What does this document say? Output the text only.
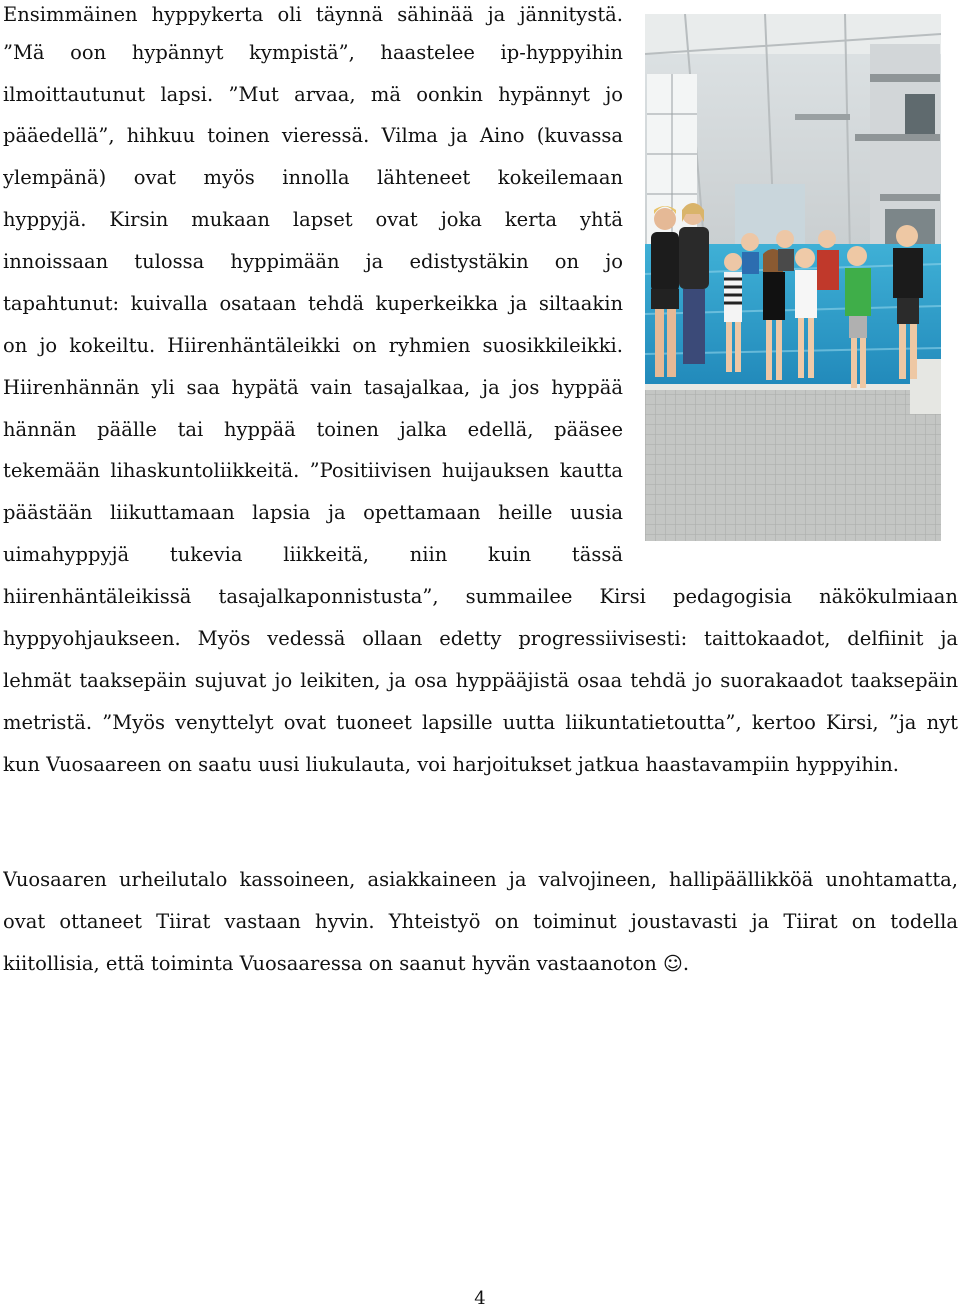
Ensimmäinen hyppykerta oli täynnä sähinää ja jännitystä.
”Mä oon hypännyt kympistä”, haastelee ip-hyppyihin
ilmoittautunut lapsi. ”Mut arvaa, mä oonkin hypännyt jo
pääedellä”, hihkuu toinen vieressä. Vilma ja Aino (kuvassa
ylempänä) ovat myös innolla lähteneet kokeilemaan
hyppyjä. Kirsin mukaan lapset ovat joka kerta yhtä
innoissaan tulossa hyppimään ja edistystäkin on jo
tapahtunut: kuivalla osataan tehdä kuperkeikka ja siltaakin
on jo kokeiltu. Hiirenhäntäleikki on ryhmien suosikkileikki.
Hiirenhännän yli saa hypätä vain tasajalkaa, ja jos hyppää
hännän päälle tai hyppää toinen jalka edellä, pääsee
tekemään lihaskuntoliikkeitä. ”Positiivisen huijauksen kautta
päästään liikuttamaan lapsia ja opettamaan heille uusia
uimahyppyjä tukevia liikkeitä, niin kuin tässä
hiirenhäntäleikissä tasajalkaponnistusta”, summailee Kirsi pedagogisia näkökulmiaan
hyppyohjaukseen. Myös vedessä ollaan edetty progressiivisesti: taittokaadot, delfiinit ja
lehmät taaksepäin sujuvat jo leikiten, ja osa hyppääjistä osaa tehdä jo suorakaadot taaksepäin
metristä. ”Myös venyttelyt ovat tuoneet lapsille uutta liikuntatietoutta”, kertoo Kirsi, ”ja nyt
kun Vuosaareen on saatu uusi liukulauta, voi harjoitukset jatkua haastavampiin hyppyihin.
Vuosaaren urheilutalo kassoineen, asiakkaineen ja valvojineen, hallipäällikköä unohtamatta,
ovat ottaneet Tiirat vastaan hyvin. Yhteistyö on toiminut joustavasti ja Tiirat on todella
kiitollisia, että toiminta Vuosaaressa on saanut hyvän vastaanoton ☺.
4
